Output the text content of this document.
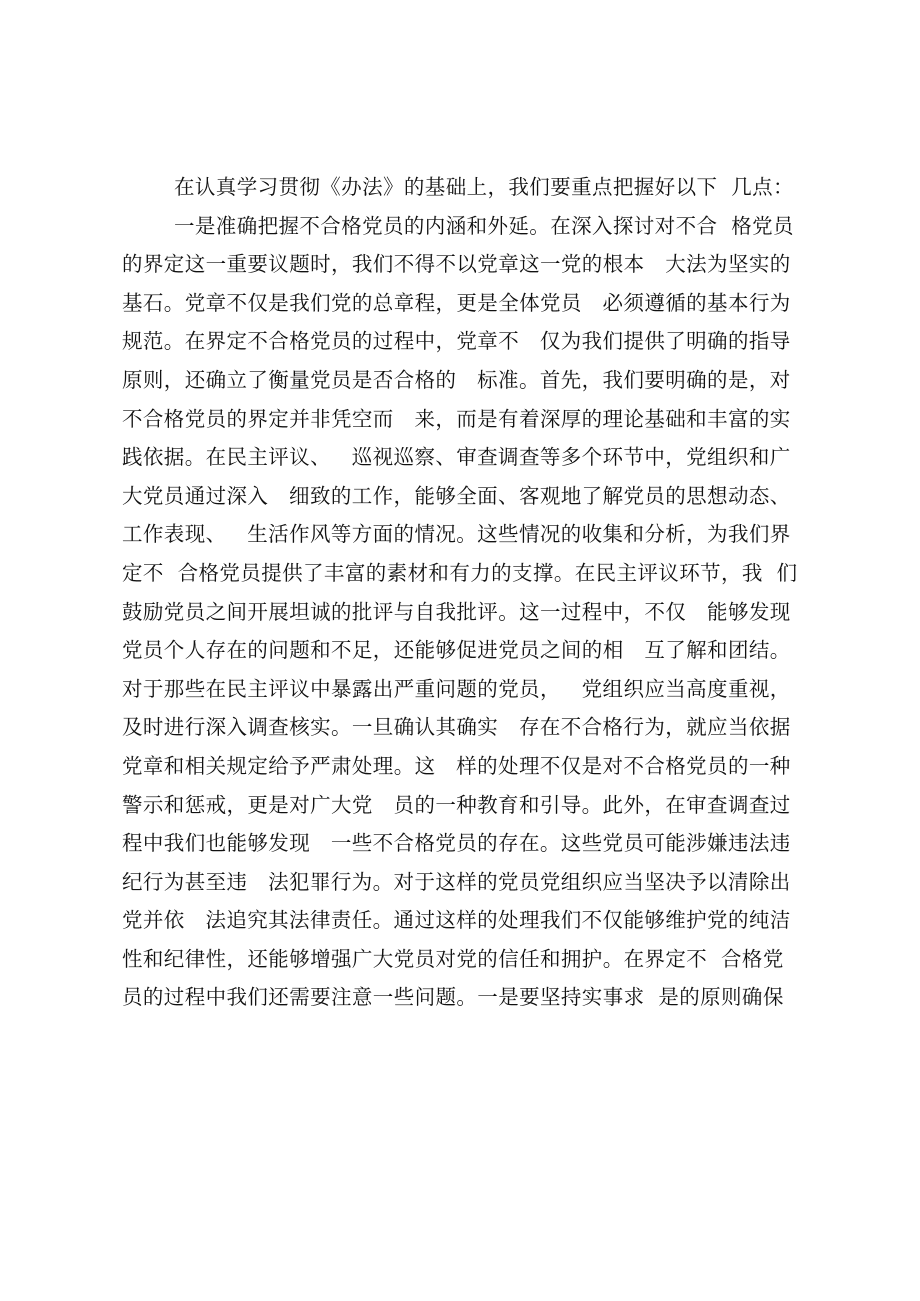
在认真学习贯彻《办法》的基础上，我们要重点把握好以下  几点：
一是准确把握不合格党员的内涵和外延。在深入探讨对不合  格党员
的界定这一重要议题时，我们不得不以党章这一党的根本   大法为坚实的
基石。党章不仅是我们党的总章程，更是全体党员   必须遵循的基本行为
规范。在界定不合格党员的过程中，党章不   仅为我们提供了明确的指导
原则，还确立了衡量党员是否合格的   标准。首先，我们要明确的是，对
不合格党员的界定并非凭空而   来，而是有着深厚的理论基础和丰富的实
践依据。在民主评议、   巡视巡察、审查调查等多个环节中，党组织和广
大党员通过深入   细致的工作，能够全面、客观地了解党员的思想动态、
工作表现、   生活作风等方面的情况。这些情况的收集和分析，为我们界
定不  合格党员提供了丰富的素材和有力的支撑。在民主评议环节，我  们
鼓励党员之间开展坦诚的批评与自我批评。这一过程中，不仅   能够发现
党员个人存在的问题和不足，还能够促进党员之间的相   互了解和团结。
对于那些在民主评议中暴露出严重问题的党员，   党组织应当高度重视，
及时进行深入调查核实。一旦确认其确实   存在不合格行为，就应当依据
党章和相关规定给予严肃处理。这   样的处理不仅是对不合格党员的一种
警示和惩戒，更是对广大党   员的一种教育和引导。此外，在审查调查过
程中我们也能够发现   一些不合格党员的存在。这些党员可能涉嫌违法违
纪行为甚至违   法犯罪行为。对于这样的党员党组织应当坚决予以清除出
党并依   法追究其法律责任。通过这样的处理我们不仅能够维护党的纯洁
性和纪律性，还能够增强广大党员对党的信任和拥护。在界定不  合格党
员的过程中我们还需要注意一些问题。一是要坚持实事求  是的原则确保
